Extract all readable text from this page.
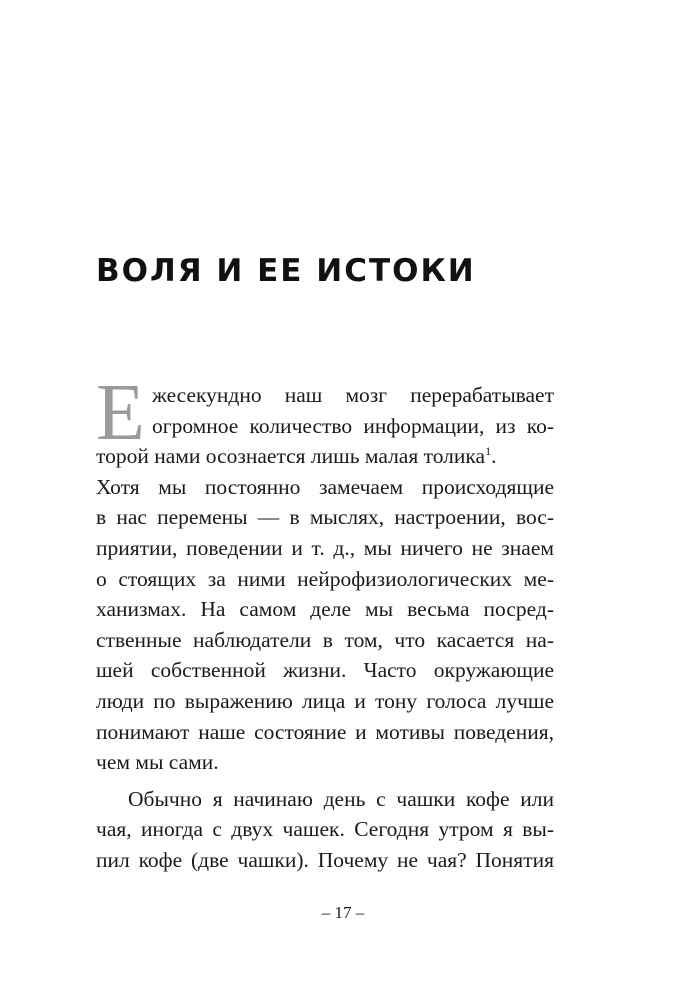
ВОЛЯ И ЕЕ ИСТОКИ
Е жесекундно наш мозг перерабатывает
огромное количество информации, из ко-
торой нами осознается лишь малая толика$^1$.
Хотя мы постоянно замечаем происходящие
в нас перемены — в мыслях, настроении, вос-
приятии, поведении и т. д., мы ничего не знаем
о стоящих за ними нейрофизиологических ме-
ханизмах. На самом деле мы весьма посред-
ственные наблюдатели в том, что касается на-
шей собственной жизни. Часто окружающие
люди по выражению лица и тону голоса лучше
понимают наше состояние и мотивы поведения,
чем мы сами.
Обычно я начинаю день с чашки кофе или
чая, иногда с двух чашек. Сегодня утром я вы-
пил кофе (две чашки). Почему не чая? Понятия
– 17 –
